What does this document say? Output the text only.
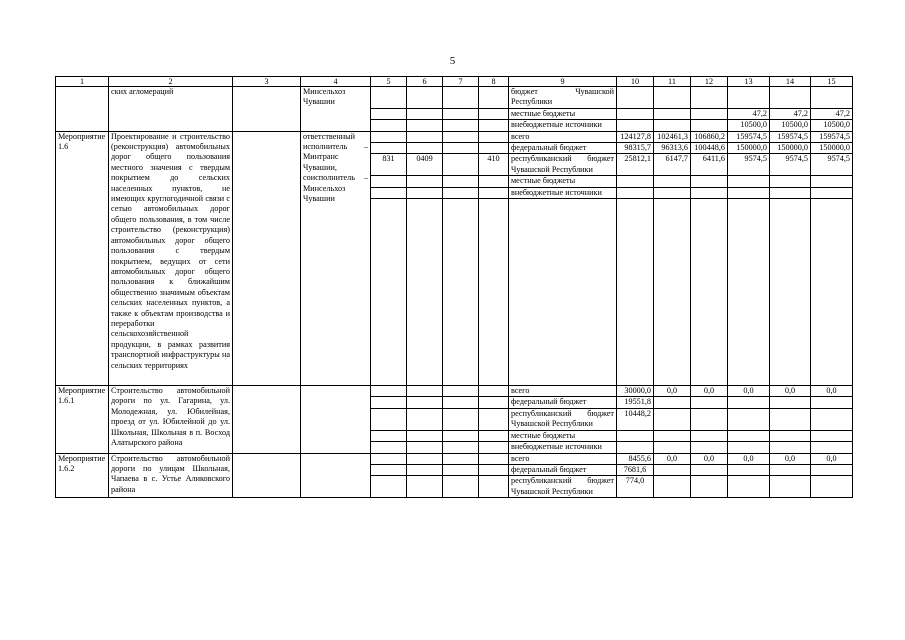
5
1	2	3	4	5	6	7	8	9	10	11	12	13	14	15
	ских агломераций		Минсельхоз Чувашии					бюджет Чувашской Республики						
								местные бюджеты				47,2	47,2	47,2
								внебюджетные источники				10500,0	10500,0	10500,0
Мероприятие 1.6	Проектирование и строительство (реконструкция) автомобильных дорог общего пользования местного значения с твердым покрытием до сельских населенных пунктов, не имеющих круглогодичной связи с сетью автомобильных дорог общего пользования, в том числе строительство (реконструкция) автомобильных дорог общего пользования с твердым покрытием, ведущих от сети автомобильных дорог общего пользования к ближайшим общественно значимым объектам сельских населенных пунктов, а также к объектам производства и переработки сельскохозяйственной продукции, в рамках развития транспортной инфраструктуры на сельских территориях		ответственный исполнитель – Минтранс Чувашии, соисполнитель – Минсельхоз Чувашии					всего	124127,8	102461,3	106860,2	159574,5	159574,5	159574,5
								федеральный бюджет	98315,7	96313,6	100448,6	150000,0	150000,0	150000,0
				831	0409		410	республиканский бюджет Чувашской Республики	25812,1	6147,7	6411,6	9574,5	9574,5	9574,5
								местные бюджеты						
								внебюджетные источники						

Мероприятие 1.6.1	Строительство автомобильной дороги по ул. Гагарина, ул. Молодежная, ул. Юбилейная, проезд от ул. Юбилейной до ул. Школьная, Школьная в п. Восход Алатырского района							всего	30000,0	0,0	0,0	0,0	0,0	0,0
								федеральный бюджет	19551,8					
								республиканский бюджет Чувашской Республики	10448,2					
								местные бюджеты						
								внебюджетные источники						
Мероприятие 1.6.2	Строительство автомобильной дороги по улицам Школьная, Чапаева в с. Устье Аликовского района							всего	8455,6	0,0	0,0	0,0	0,0	0,0
								федеральный бюджет	7681,6					
								республиканский бюджет Чувашской Республики	774,0					
